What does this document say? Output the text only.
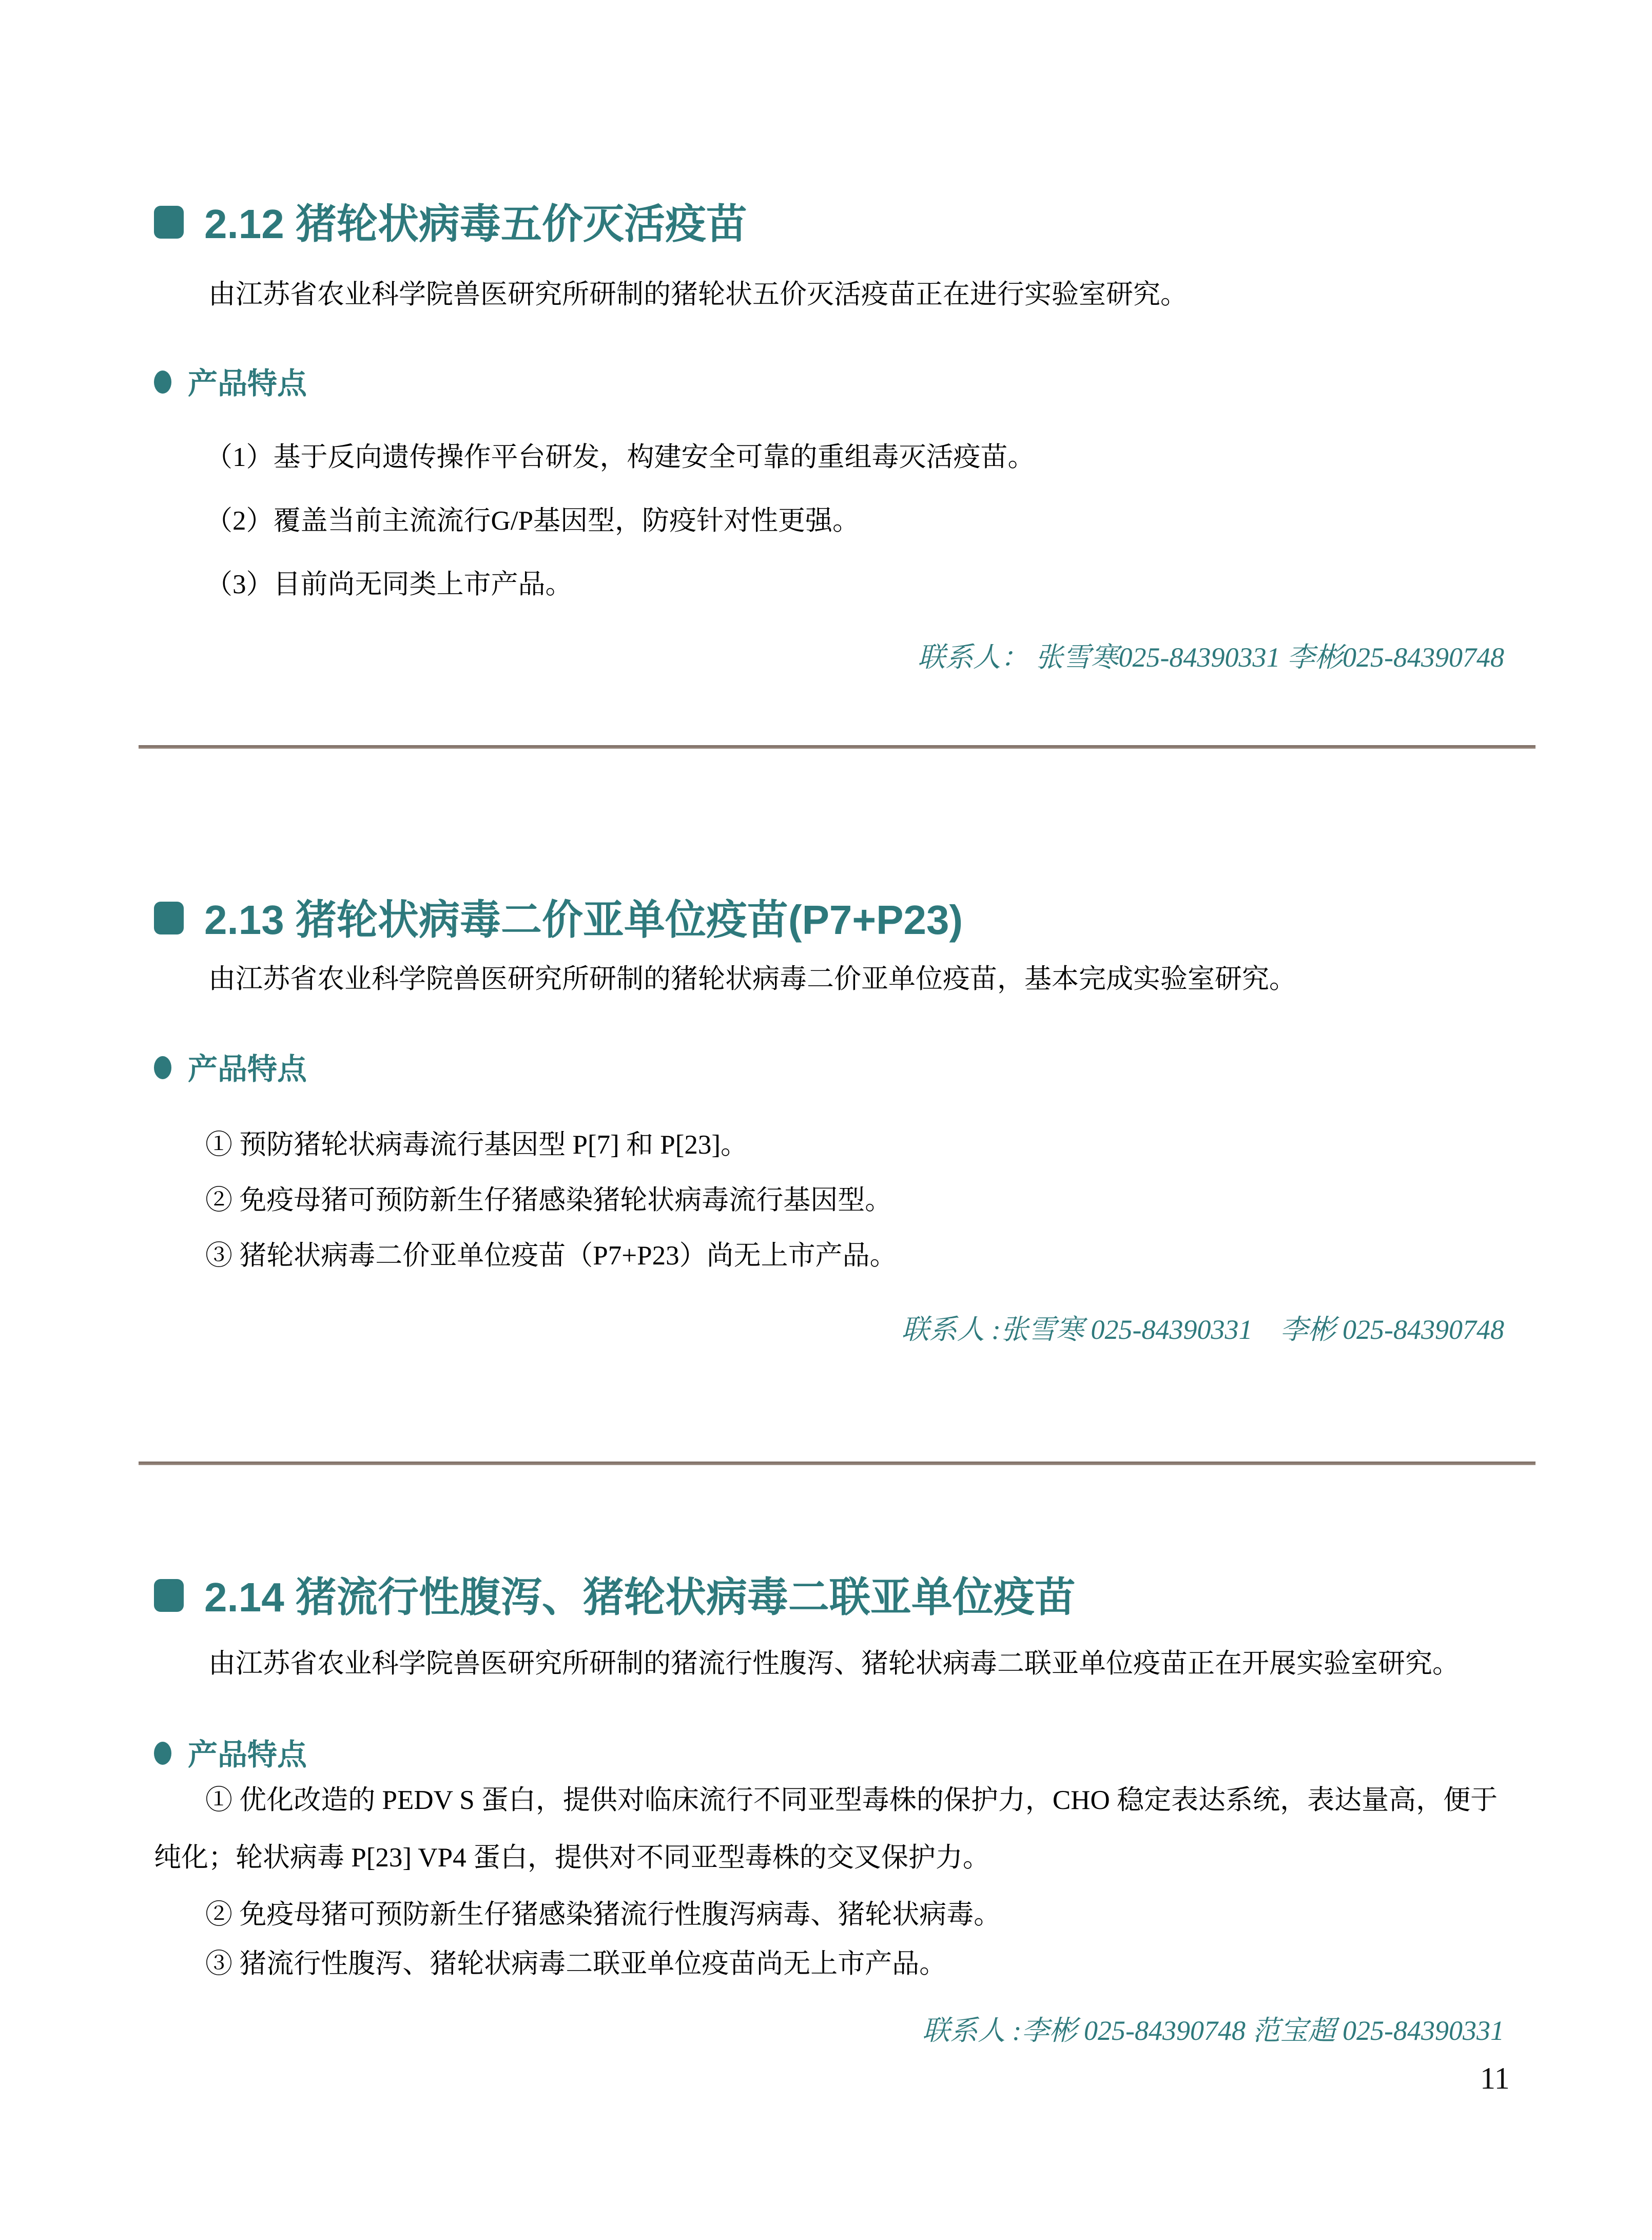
2.12 猪轮状病毒五价灭活疫苗

由江苏省农业科学院兽医研究所研制的猪轮状五价灭活疫苗正在进行实验室研究。

产品特点

（1）基于反向遗传操作平台研发，构建安全可靠的重组毒灭活疫苗。

（2）覆盖当前主流流行G/P基因型，防疫针对性更强。

（3）目前尚无同类上市产品。

联系人： 张雪寒025-84390331 李彬025-84390748

2.13 猪轮状病毒二价亚单位疫苗(P7+P23)

由江苏省农业科学院兽医研究所研制的猪轮状病毒二价亚单位疫苗，基本完成实验室研究。

产品特点

① 预防猪轮状病毒流行基因型 P[7] 和 P[23]。

② 免疫母猪可预防新生仔猪感染猪轮状病毒流行基因型。

③ 猪轮状病毒二价亚单位疫苗（P7+P23）尚无上市产品。

联系人 :张雪寒 025-84390331　李彬 025-84390748

2.14 猪流行性腹泻、猪轮状病毒二联亚单位疫苗

由江苏省农业科学院兽医研究所研制的猪流行性腹泻、猪轮状病毒二联亚单位疫苗正在开展实验室研究。

产品特点

① 优化改造的 PEDV S 蛋白，提供对临床流行不同亚型毒株的保护力，CHO 稳定表达系统，表达量高，便于纯化；轮状病毒 P[23] VP4 蛋白，提供对不同亚型毒株的交叉保护力。

② 免疫母猪可预防新生仔猪感染猪流行性腹泻病毒、猪轮状病毒。

③ 猪流行性腹泻、猪轮状病毒二联亚单位疫苗尚无上市产品。

联系人 :李彬 025-84390748 范宝超 025-84390331

11
